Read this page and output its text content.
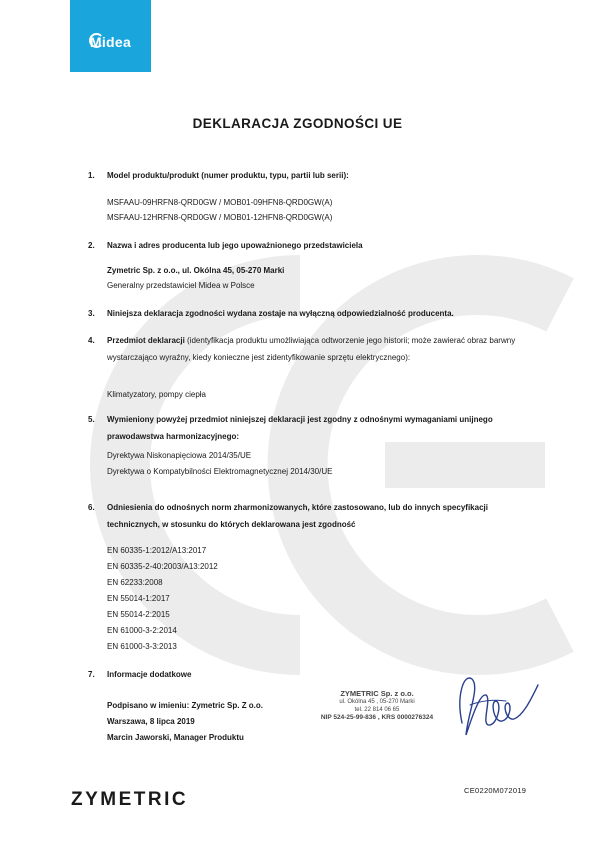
Midea
DEKLARACJA ZGODNOŚCI UE
1. Model produktu/produkt (numer produktu, typu, partii lub serii):
MSFAAU-09HRFN8-QRD0GW / MOB01-09HFN8-QRD0GW(A)
MSFAAU-12HRFN8-QRD0GW / MOB01-12HFN8-QRD0GW(A)
2. Nazwa i adres producenta lub jego upoważnionego przedstawiciela
Zymetric Sp. z o.o., ul. Okólna 45, 05-270 Marki
Generalny przedstawiciel Midea w Polsce
3. Niniejsza deklaracja zgodności wydana zostaje na wyłączną odpowiedzialność producenta.
4. Przedmiot deklaracji (identyfikacja produktu umożliwiająca odtworzenie jego historii; może zawierać obraz barwny wystarczająco wyraźny, kiedy konieczne jest zidentyfikowanie sprzętu elektrycznego):
Klimatyzatory, pompy ciepła
5. Wymieniony powyżej przedmiot niniejszej deklaracji jest zgodny z odnośnymi wymaganiami unijnego prawodawstwa harmonizacyjnego:
Dyrektywa Niskonapięciowa 2014/35/UE
Dyrektywa o Kompatybilności Elektromagnetycznej 2014/30/UE
6. Odniesienia do odnośnych norm zharmonizowanych, które zastosowano, lub do innych specyfikacji technicznych, w stosunku do których deklarowana jest zgodność
EN 60335-1:2012/A13:2017
EN 60335-2-40:2003/A13:2012
EN 62233:2008
EN 55014-1:2017
EN 55014-2:2015
EN 61000-3-2:2014
EN 61000-3-3:2013
7. Informacje dodatkowe
Podpisano w imieniu: Zymetric Sp. Z o.o.
Warszawa, 8 lipca 2019
Marcin Jaworski, Manager Produktu
ZYMETRIC Sp. z o.o.
ul. Okólna 45 , 05-270 Marki
tel. 22 814 06 65
NIP 524-25-99-836 , KRS 0000276324
ZYMETRIC	CE0220M072019
